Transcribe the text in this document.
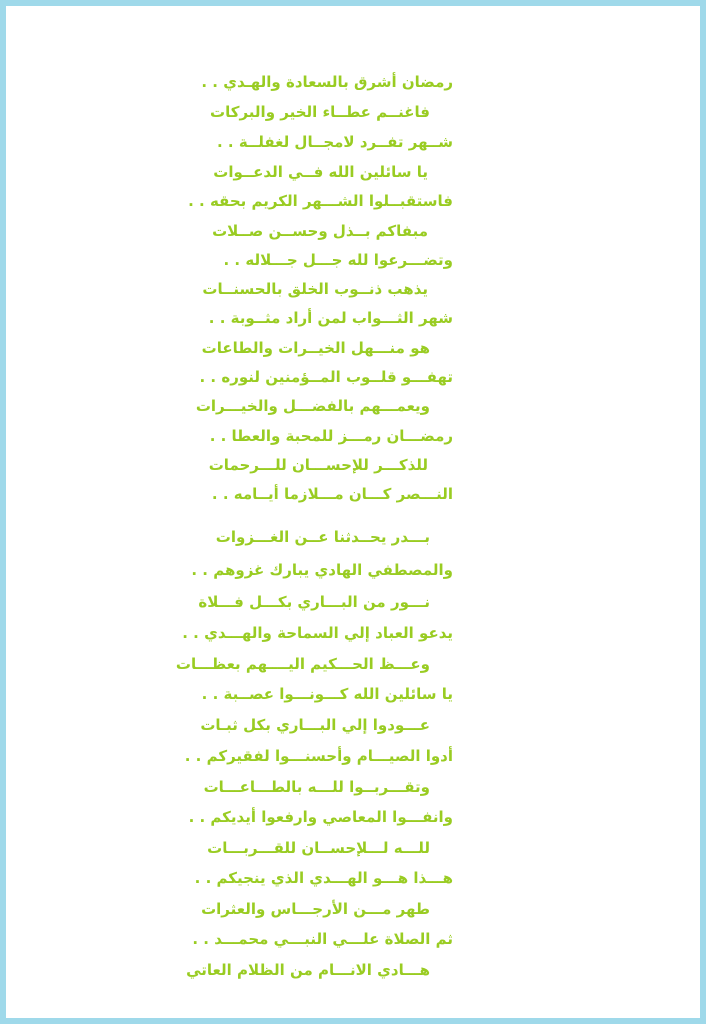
رمضان أشرق بالسعادة والهـدي . .
فاغنــم عطــاء الخير والبركات
شــهر تفــرد لامجــال لغفلــة . .
يا سائلين الله فــي الدعــوات
فاستقبــلوا الشـــهر الكريم بحقه . .
مبفاكم بــذل وحســن صــلات
وتضـــرعوا لله جـــل جـــلاله . .
يذهب ذنــوب الخلق بالحسنــات
شهر الثـــواب لمن أراد مثــوبة . .
هو منـــهل الخيــرات والطاعات
تهفـــو قلــوب المــؤمنين لنوره . .
ويعمـــهم بالفضـــل والخيـــرات
رمضـــان رمـــز للمحبة والعطا . .
للذكـــر للإحســـان للـــرحمات
النـــصر كـــان مـــلازما أيــامه . .
بـــدر يحــدثنا عــن الغـــزوات
والمصطفي الهادي يبارك غزوهم . .
نـــور من البـــاري بكـــل فـــلاة
يدعو العباد إلي السماحة والهـــدي . .
وعـــظ الحـــكيم اليــــهم بعظـــات
يا سائلين الله كـــونـــوا عصــبة . .
عـــودوا إلي البـــاري بكل ثبـات
أدوا الصيـــام وأحسنـــوا لفقيركم . .
وتقـــربــوا للـــه بالطـــاعـــات
وانفـــوا المعاصي وارفعوا أيديكم . .
للـــه لـــلإحســان للقـــربـــات
هـــذا هـــو الهـــدي الذي ينجيكم . .
طهر مـــن الأرجـــاس والعثرات
ثم الصلاة علـــي النبـــي محمـــد . .
هـــادي الانـــام من الظلام العاتي
